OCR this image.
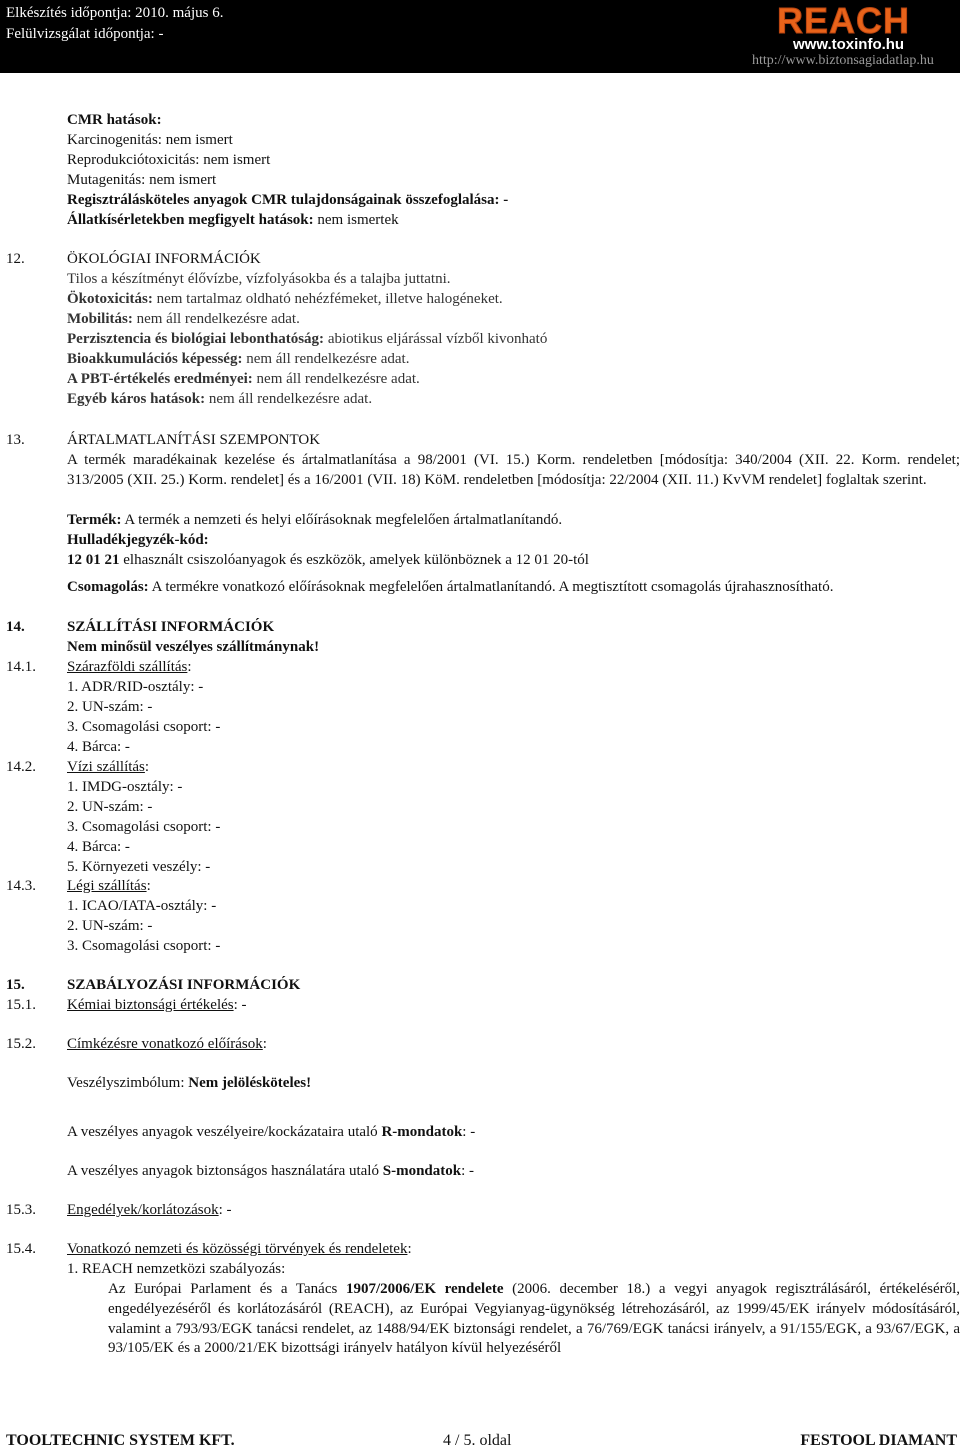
Elkészítés időpontja: 2010. május 6.
Felülvizsgálat időpontja: -	REACH
www.toxinfo.hu
http://www.biztonsagiadatlap.hu
CMR hatások:
Karcinogenitás: nem ismert
Reprodukciótoxicitás: nem ismert
Mutagenitás: nem ismert
Regisztrálásköteles anyagok CMR tulajdonságainak összefoglalása: -
Állatkísérletekben megfigyelt hatások: nem ismertek
12.	ÖKOLÓGIAI INFORMÁCIÓK
Tilos a készítményt élővízbe, vízfolyásokba és a talajba juttatni.
Ökotoxicitás: nem tartalmaz oldható nehézfémeket, illetve halogéneket.
Mobilitás: nem áll rendelkezésre adat.
Perzisztencia és biológiai lebonthatóság: abiotikus eljárással vízből kivonható
Bioakkumulációs képesség: nem áll rendelkezésre adat.
A PBT-értékelés eredményei: nem áll rendelkezésre adat.
Egyéb káros hatások: nem áll rendelkezésre adat.
13.	ÁRTALMATLANÍTÁSI SZEMPONTOK
A termék maradékainak kezelése és ártalmatlanítása a 98/2001 (VI. 15.) Korm. rendeletben [módosítja: 340/2004 (XII. 22. Korm. rendelet; 313/2005 (XII. 25.) Korm. rendelet] és a 16/2001 (VII. 18) KöM. rendeletben [módosítja: 22/2004 (XII. 11.) KvVM rendelet] foglaltak szerint.
Termék: A termék a nemzeti és helyi előírásoknak megfelelően ártalmatlanítandó.
Hulladékjegyzék-kód:
12 01 21 elhasznált csiszolóanyagok és eszközök, amelyek különböznek a 12 01 20-tól
Csomagolás: A termékre vonatkozó előírásoknak megfelelően ártalmatlanítandó. A megtisztított csomagolás újrahasznosítható.
14.	SZÁLLÍTÁSI INFORMÁCIÓK
Nem minősül veszélyes szállítmánynak!
14.1. Szárazföldi szállítás:
1. ADR/RID-osztály: -
2. UN-szám: -
3. Csomagolási csoport: -
4. Bárca: -
14.2. Vízi szállítás:
1. IMDG-osztály: -
2. UN-szám: -
3. Csomagolási csoport: -
4. Bárca: -
5. Környezeti veszély: -
14.3. Légi szállítás:
1. ICAO/IATA-osztály: -
2. UN-szám: -
3. Csomagolási csoport: -
15.	SZABÁLYOZÁSI INFORMÁCIÓK
15.1. Kémiai biztonsági értékelés: -
15.2. Címkézésre vonatkozó előírások:
Veszélyszimbólum: Nem jelölésköteles!
A veszélyes anyagok veszélyeire/kockázataira utaló R-mondatok: -
A veszélyes anyagok biztonságos használatára utaló S-mondatok: -
15.3. Engedélyek/korlátozások: -
15.4. Vonatkozó nemzeti és közösségi törvények és rendeletek:
1. REACH nemzetközi szabályozás:
Az Európai Parlament és a Tanács 1907/2006/EK rendelete (2006. december 18.) a vegyi anyagok regisztrálásáról, értékeléséről, engedélyezéséről és korlátozásáról (REACH), az Európai Vegyianyag-ügynökség létrehozásáról, az 1999/45/EK irányelv módosításáról, valamint a 793/93/EGK tanácsi rendelet, az 1488/94/EK biztonsági rendelet, a 76/769/EGK tanácsi irányelv, a 91/155/EGK, a 93/67/EGK, a 93/105/EK és a 2000/21/EK bizottsági irányelv hatályon kívül helyezéséről
TOOLTECHNIC SYSTEM KFT.	4 / 5. oldal	FESTOOL DIAMANT
